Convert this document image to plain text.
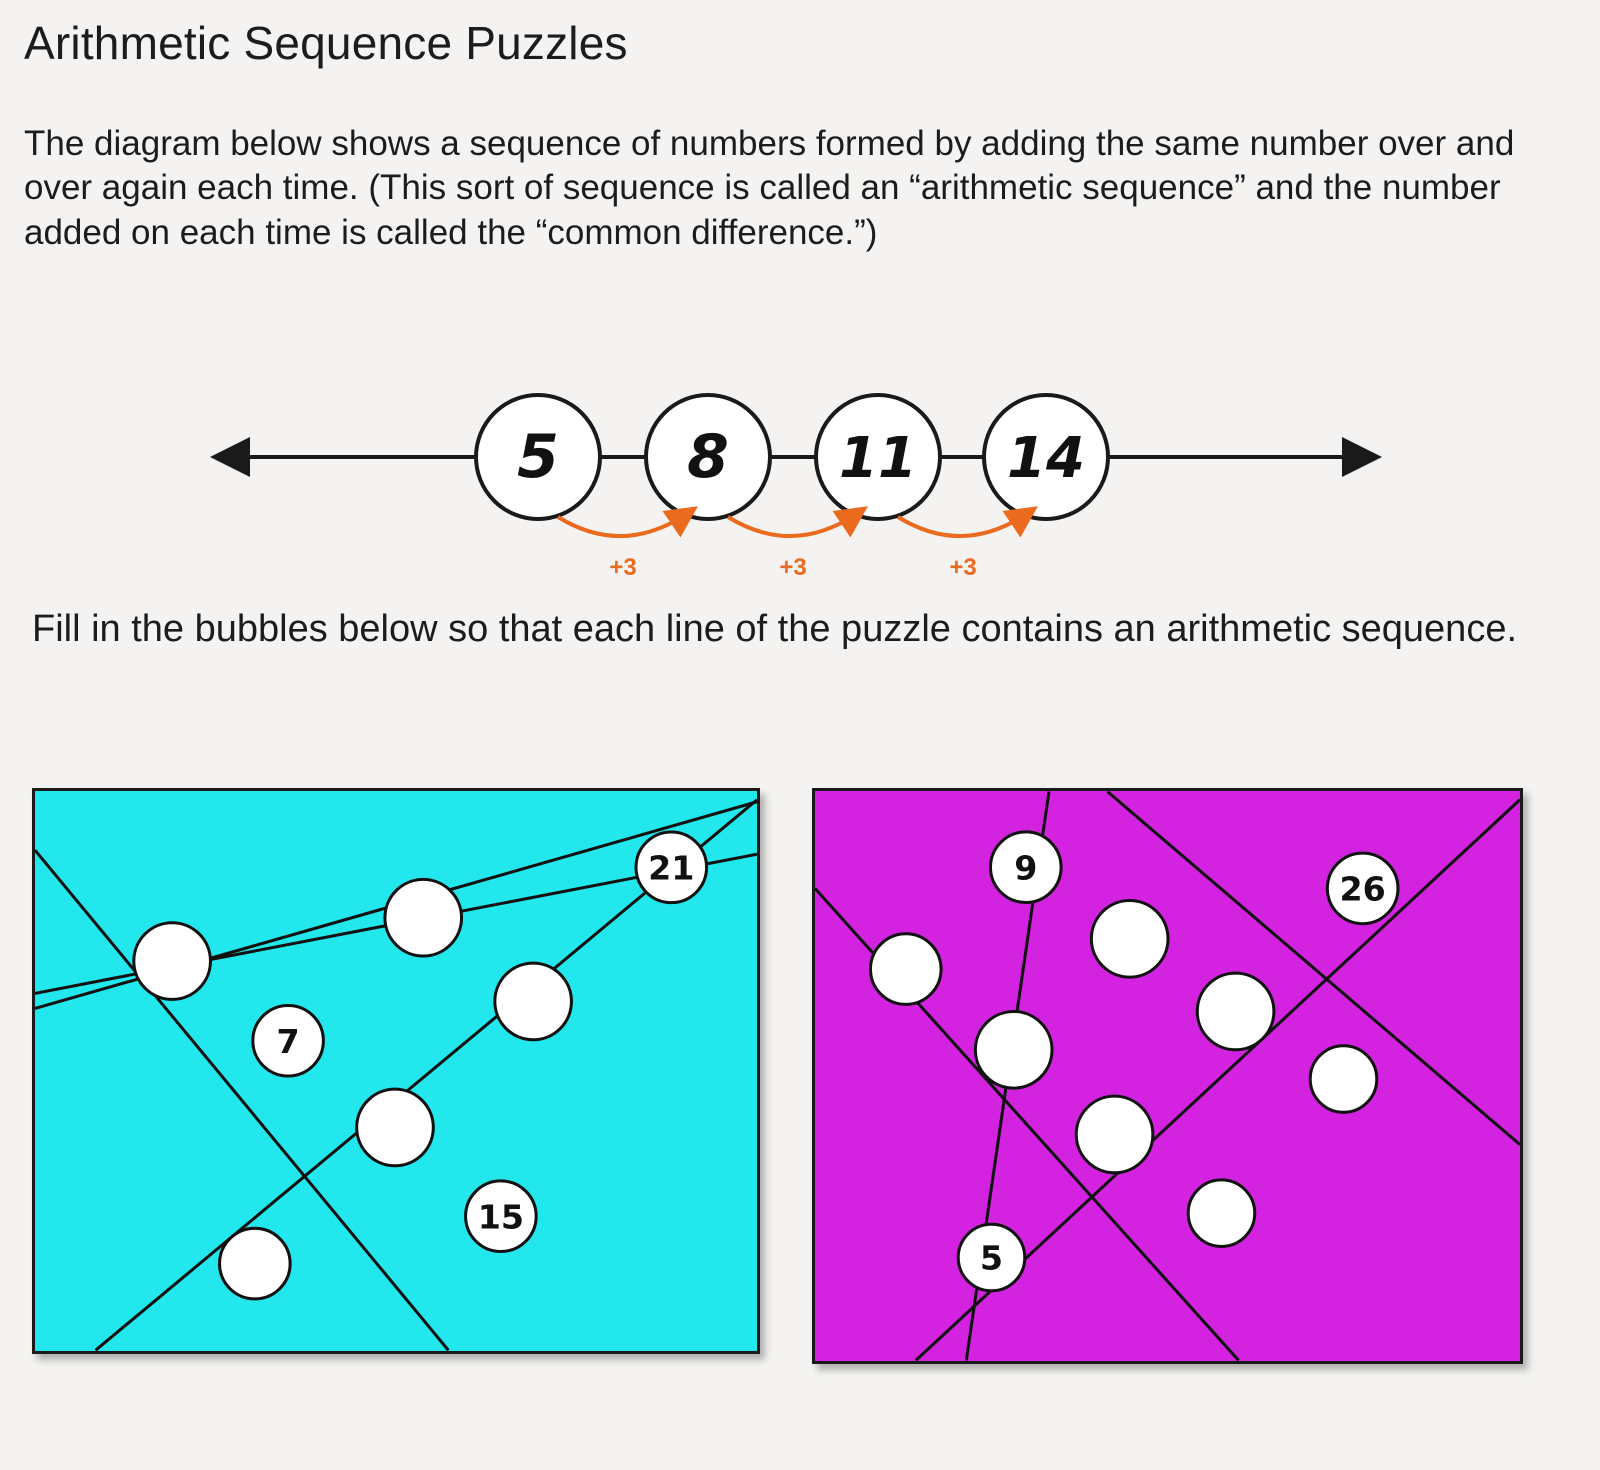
Arithmetic Sequence Puzzles
The diagram below shows a sequence of numbers formed by adding the same number over and over again each time. (This sort of sequence is called an “arithmetic sequence” and the number added on each time is called the “common difference.”)
5 8 11 14
+3	+3	+3
Fill in the bubbles below so that each line of the puzzle contains an arithmetic sequence.
21
7
15
9
26
5
